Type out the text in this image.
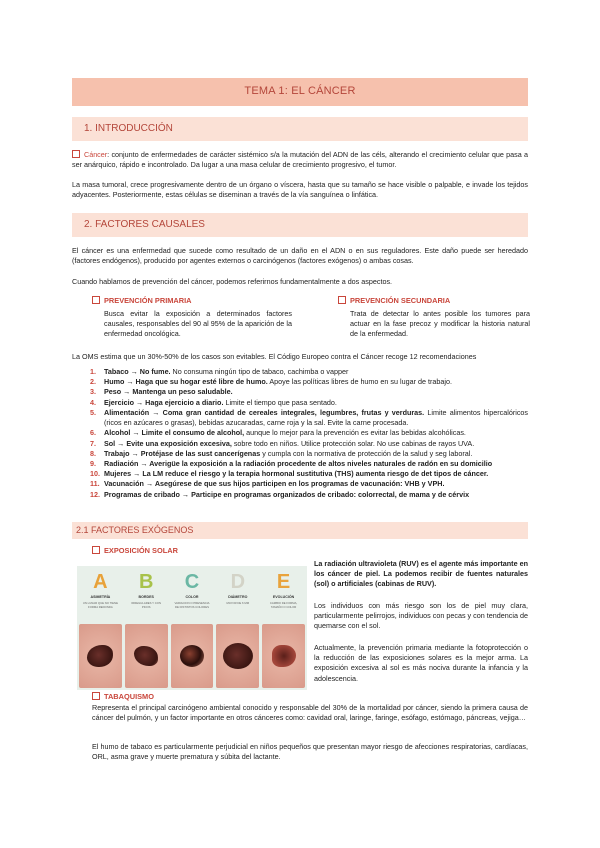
TEMA 1: EL CÁNCER
1. INTRODUCCIÓN
Cáncer: conjunto de enfermedades de carácter sistémico s/a la mutación del ADN de las céls, alterando el crecimiento celular que pasa a ser anárquico, rápido e incontrolado. Da lugar a una masa celular de crecimiento progresivo, el tumor.
La masa tumoral, crece progresivamente dentro de un órgano o víscera, hasta que su tamaño se hace visible o palpable, e invade los tejidos adyacentes. Posteriormente, estas células se diseminan a través de la vía sanguínea o linfática.
2. FACTORES CAUSALES
El cáncer es una enfermedad que sucede como resultado de un daño en el ADN o en sus reguladores. Este daño puede ser heredado (factores endógenos), producido por agentes externos o carcinógenos (factores exógenos) o ambas cosas.
Cuando hablamos de prevención del cáncer, podemos referirnos fundamentalmente a dos aspectos.
PREVENCIÓN PRIMARIA
Busca evitar la exposición a determinados factores causales, responsables del 90 al 95% de la aparición de la enfermedad oncológica.
PREVENCIÓN SECUNDARIA
Trata de detectar lo antes posible los tumores para actuar en la fase precoz y modificar la historia natural de la enfermedad.
La OMS estima que un 30%-50% de los casos son evitables. El Código Europeo contra el Cáncer recoge 12 recomendaciones
1. Tabaco → No fume. No consuma ningún tipo de tabaco, cachimba o vapper
2. Humo → Haga que su hogar esté libre de humo. Apoye las políticas libres de humo en su lugar de trabajo.
3. Peso → Mantenga un peso saludable.
4. Ejercicio → Haga ejercicio a diario. Limite el tiempo que pasa sentado.
5. Alimentación → Coma gran cantidad de cereales integrales, legumbres, frutas y verduras. Limite alimentos hipercalóricos (ricos en azúcares o grasas), bebidas azucaradas, carne roja y la sal. Evite la carne procesada.
6. Alcohol → Limite el consumo de alcohol, aunque lo mejor para la prevención es evitar las bebidas alcohólicas.
7. Sol → Evite una exposición excesiva, sobre todo en niños. Utilice protección solar. No use cabinas de rayos UVA.
8. Trabajo → Protéjase de las sust cancerígenas y cumpla con la normativa de protección de la salud y seg laboral.
9. Radiación → Averigüe la exposición a la radiación procedente de altos niveles naturales de radón en su domicilio
10. Mujeres → La LM reduce el riesgo y la terapia hormonal sustitutiva (THS) aumenta riesgo de det tipos de cáncer.
11. Vacunación → Asegúrese de que sus hijos participen en los programas de vacunación: VHB y VPH.
12. Programas de cribado → Participe en programas organizados de cribado: colorrectal, de mama y de cérvix
2.1 FACTORES EXÓGENOS
EXPOSICIÓN SOLAR
A
ASIMETRÍA
UN LUNAR QUE NO TIENE FORMA REDONDA
B
BORDES
IRREGULARES Y CON PICOS
C
COLOR
VARIACIÓN O PRESENCIA DE DISTINTOS COLORES
D
DIÁMETRO
MAYOR DE 6 MM
E
EVOLUCIÓN
CAMBIO DE FORMA, TAMAÑO O COLOR
La radiación ultravioleta (RUV) es el agente más importante en los cáncer de piel. La podemos recibir de fuentes naturales (sol) o artificiales (cabinas de RUV).
Los individuos con más riesgo son los de piel muy clara, particularmente pelirrojos, individuos con pecas y con tendencia de quemarse con el sol.
Actualmente, la prevención primaria mediante la fotoprotección o la reducción de las exposiciones solares es la mejor arma. La exposición excesiva al sol es más nociva durante la infancia y la adolescencia.
TABAQUISMO
Representa el principal carcinógeno ambiental conocido y responsable del 30% de la mortalidad por cáncer, siendo la primera causa de cáncer del pulmón, y un factor importante en otros cánceres como: cavidad oral, laringe, faringe, esófago, estómago, páncreas, vejiga…
El humo de tabaco es particularmente perjudicial en niños pequeños que presentan mayor riesgo de afecciones respiratorias, cardíacas, ORL, asma grave y muerte prematura y súbita del lactante.
